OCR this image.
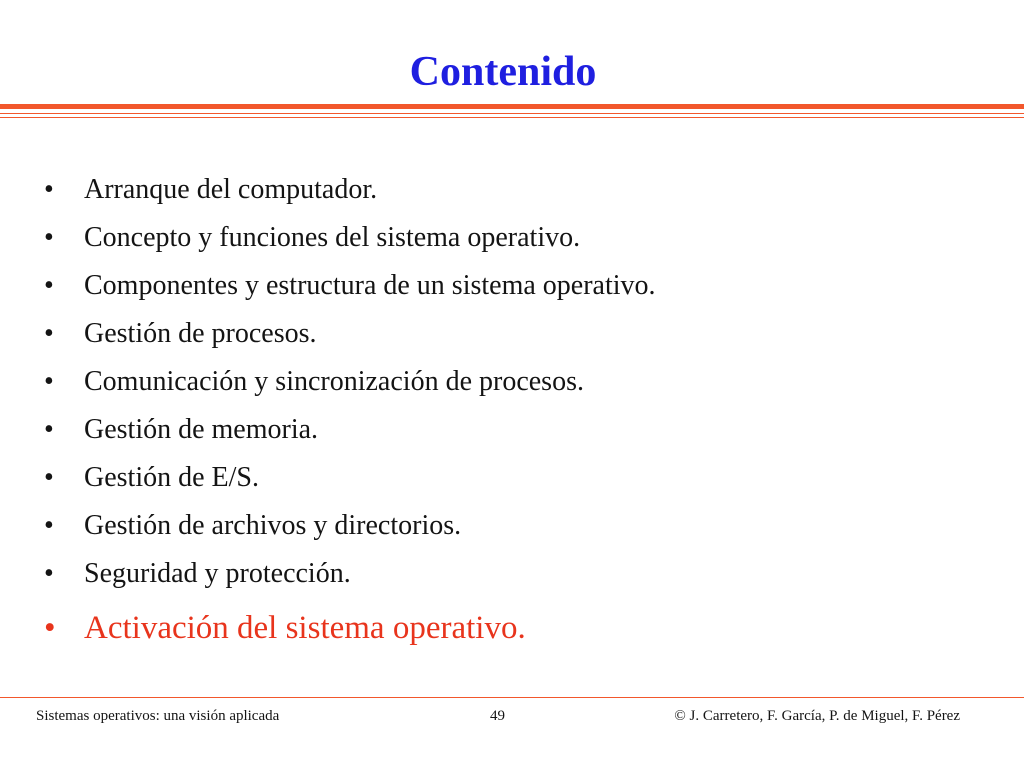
Contenido
• Arranque del computador.
• Concepto y funciones del sistema operativo.
• Componentes y estructura de un sistema operativo.
• Gestión de procesos.
• Comunicación y sincronización de procesos.
• Gestión de memoria.
• Gestión de E/S.
• Gestión de archivos y directorios.
• Seguridad y protección.
• Activación del sistema operativo.
Sistemas operativos: una visión aplicada	49	© J. Carretero, F. García, P. de Miguel, F. Pérez
